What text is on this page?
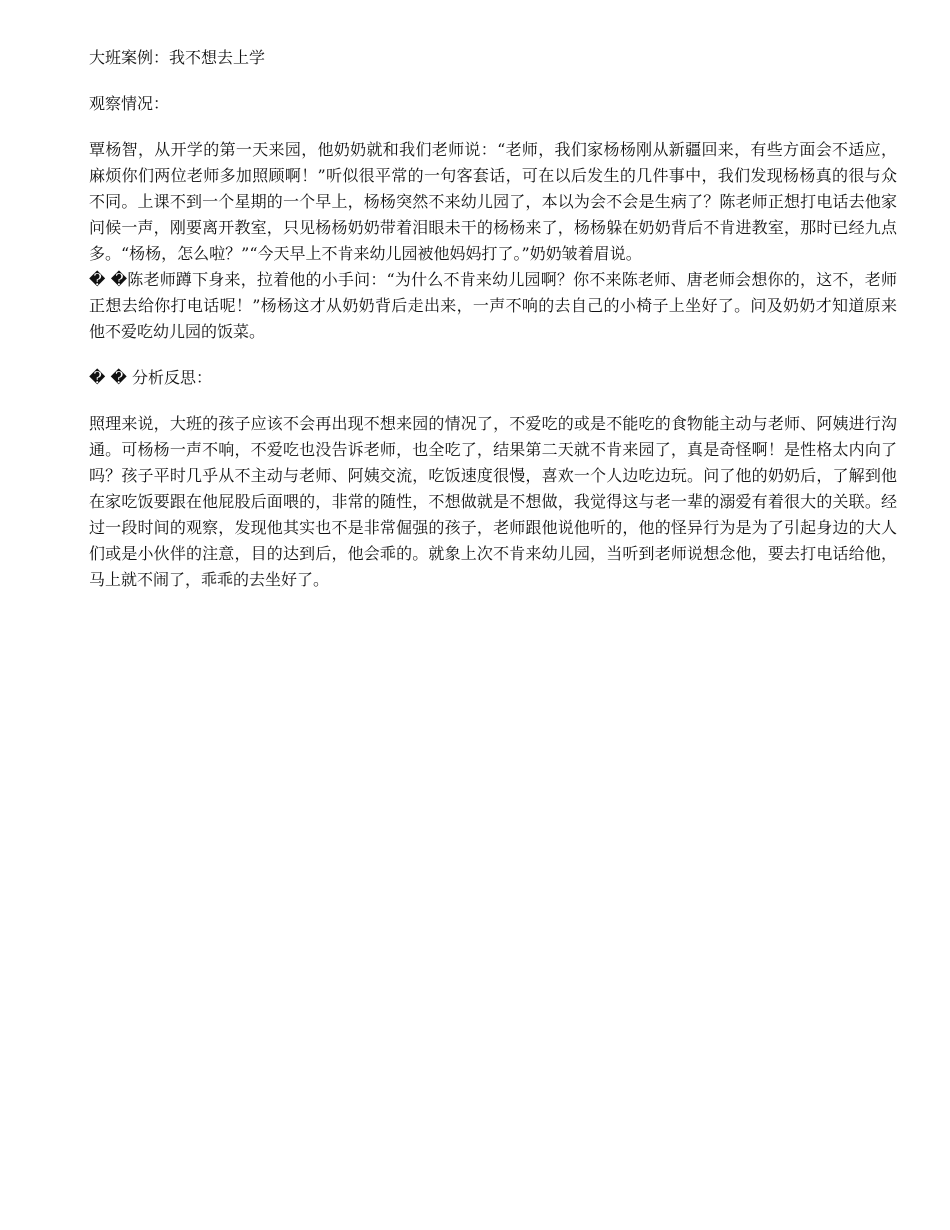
大班案例：我不想去上学

观察情况：

覃杨智，从开学的第一天来园，他奶奶就和我们老师说：“老师，我们家杨杨刚从新疆回来，有些方面会不适应，麻烦你们两位老师多加照顾啊！”听似很平常的一句客套话，可在以后发生的几件事中，我们发现杨杨真的很与众不同。上课不到一个星期的一个早上，杨杨突然不来幼儿园了，本以为会不会是生病了？陈老师正想打电话去他家问候一声，刚要离开教室，只见杨杨奶奶带着泪眼未干的杨杨来了，杨杨躲在奶奶背后不肯进教室，那时已经九点多。“杨杨，怎么啦？”“今天早上不肯来幼儿园被他妈妈打了。”奶奶皱着眉说。

� �陈老师蹲下身来，拉着他的小手问：“为什么不肯来幼儿园啊？你不来陈老师、唐老师会想你的，这不，老师正想去给你打电话呢！”杨杨这才从奶奶背后走出来，一声不响的去自己的小椅子上坐好了。问及奶奶才知道原来他不爱吃幼儿园的饭菜。

� � 分析反思：

照理来说，大班的孩子应该不会再出现不想来园的情况了，不爱吃的或是不能吃的食物能主动与老师、阿姨进行沟通。可杨杨一声不响，不爱吃也没告诉老师，也全吃了，结果第二天就不肯来园了，真是奇怪啊！是性格太内向了吗？孩子平时几乎从不主动与老师、阿姨交流，吃饭速度很慢，喜欢一个人边吃边玩。问了他的奶奶后，了解到他在家吃饭要跟在他屁股后面喂的，非常的随性，不想做就是不想做，我觉得这与老一辈的溺爱有着很大的关联。经过一段时间的观察，发现他其实也不是非常倔强的孩子，老师跟他说他听的，他的怪异行为是为了引起身边的大人们或是小伙伴的注意，目的达到后，他会乖的。就象上次不肯来幼儿园，当听到老师说想念他，要去打电话给他，马上就不闹了，乖乖的去坐好了。
